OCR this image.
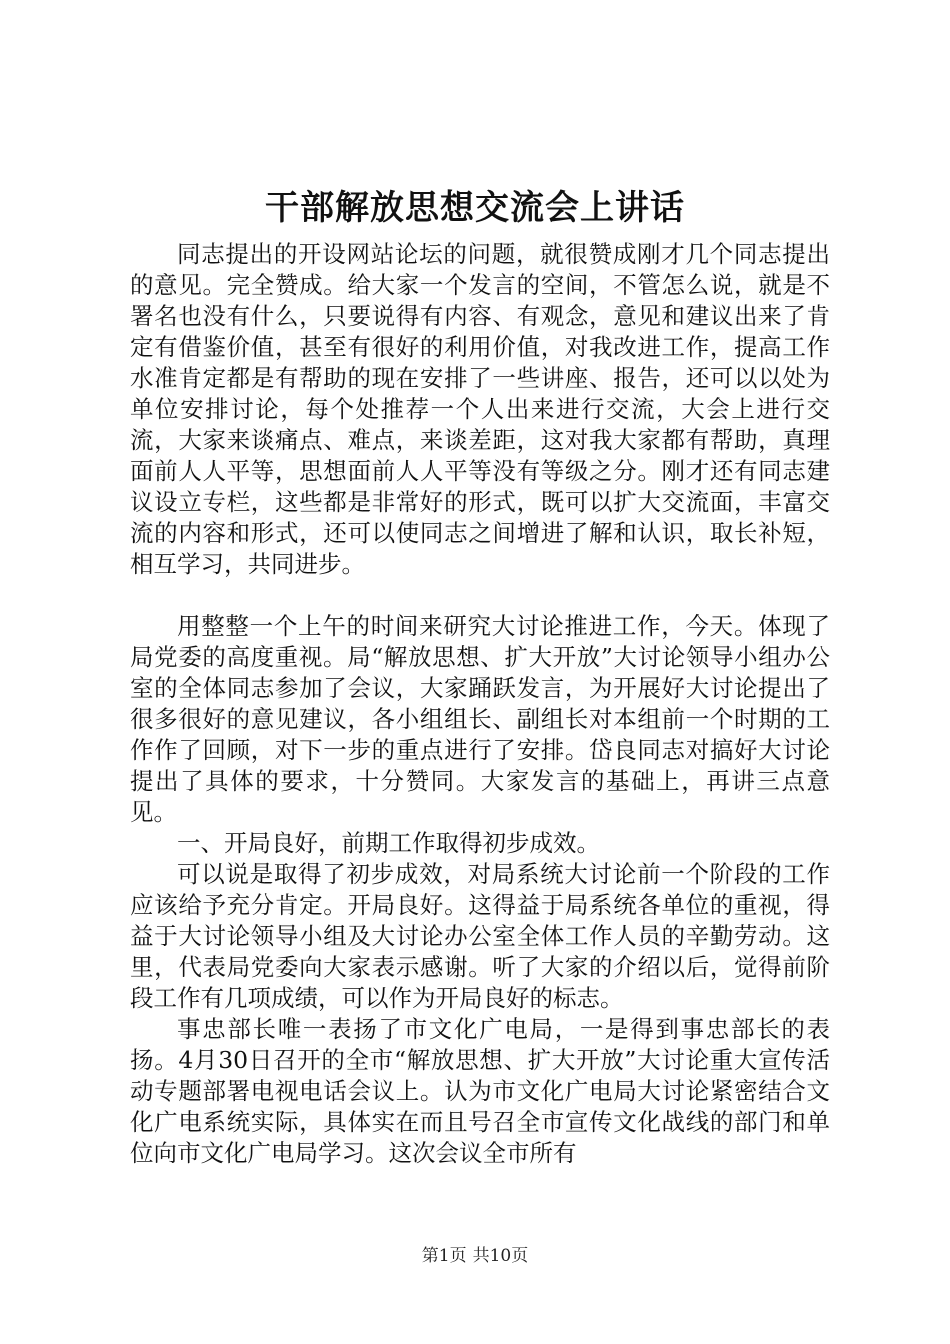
干部解放思想交流会上讲话

同志提出的开设网站论坛的问题，就很赞成刚才几个同志提出的意见。完全赞成。给大家一个发言的空间，不管怎么说，就是不署名也没有什么，只要说得有内容、有观念，意见和建议出来了肯定有借鉴价值，甚至有很好的利用价值，对我改进工作，提高工作水准肯定都是有帮助的现在安排了一些讲座、报告，还可以以处为单位安排讨论，每个处推荐一个人出来进行交流，大会上进行交流，大家来谈痛点、难点，来谈差距，这对我大家都有帮助，真理面前人人平等，思想面前人人平等没有等级之分。刚才还有同志建议设立专栏，这些都是非常好的形式，既可以扩大交流面，丰富交流的内容和形式，还可以使同志之间增进了解和认识，取长补短，相互学习，共同进步。

用整整一个上午的时间来研究大讨论推进工作，今天。体现了局党委的高度重视。局“解放思想、扩大开放”大讨论领导小组办公室的全体同志参加了会议，大家踊跃发言，为开展好大讨论提出了很多很好的意见建议，各小组组长、副组长对本组前一个时期的工作作了回顾，对下一步的重点进行了安排。岱良同志对搞好大讨论提出了具体的要求，十分赞同。大家发言的基础上，再讲三点意见。

一、开局良好，前期工作取得初步成效。

可以说是取得了初步成效，对局系统大讨论前一个阶段的工作应该给予充分肯定。开局良好。这得益于局系统各单位的重视，得益于大讨论领导小组及大讨论办公室全体工作人员的辛勤劳动。这里，代表局党委向大家表示感谢。听了大家的介绍以后，觉得前阶段工作有几项成绩，可以作为开局良好的标志。

事忠部长唯一表扬了市文化广电局，一是得到事忠部长的表扬。4月30日召开的全市“解放思想、扩大开放”大讨论重大宣传活动专题部署电视电话会议上。认为市文化广电局大讨论紧密结合文化广电系统实际，具体实在而且号召全市宣传文化战线的部门和单位向市文化广电局学习。这次会议全市所有

第1页 共10页
